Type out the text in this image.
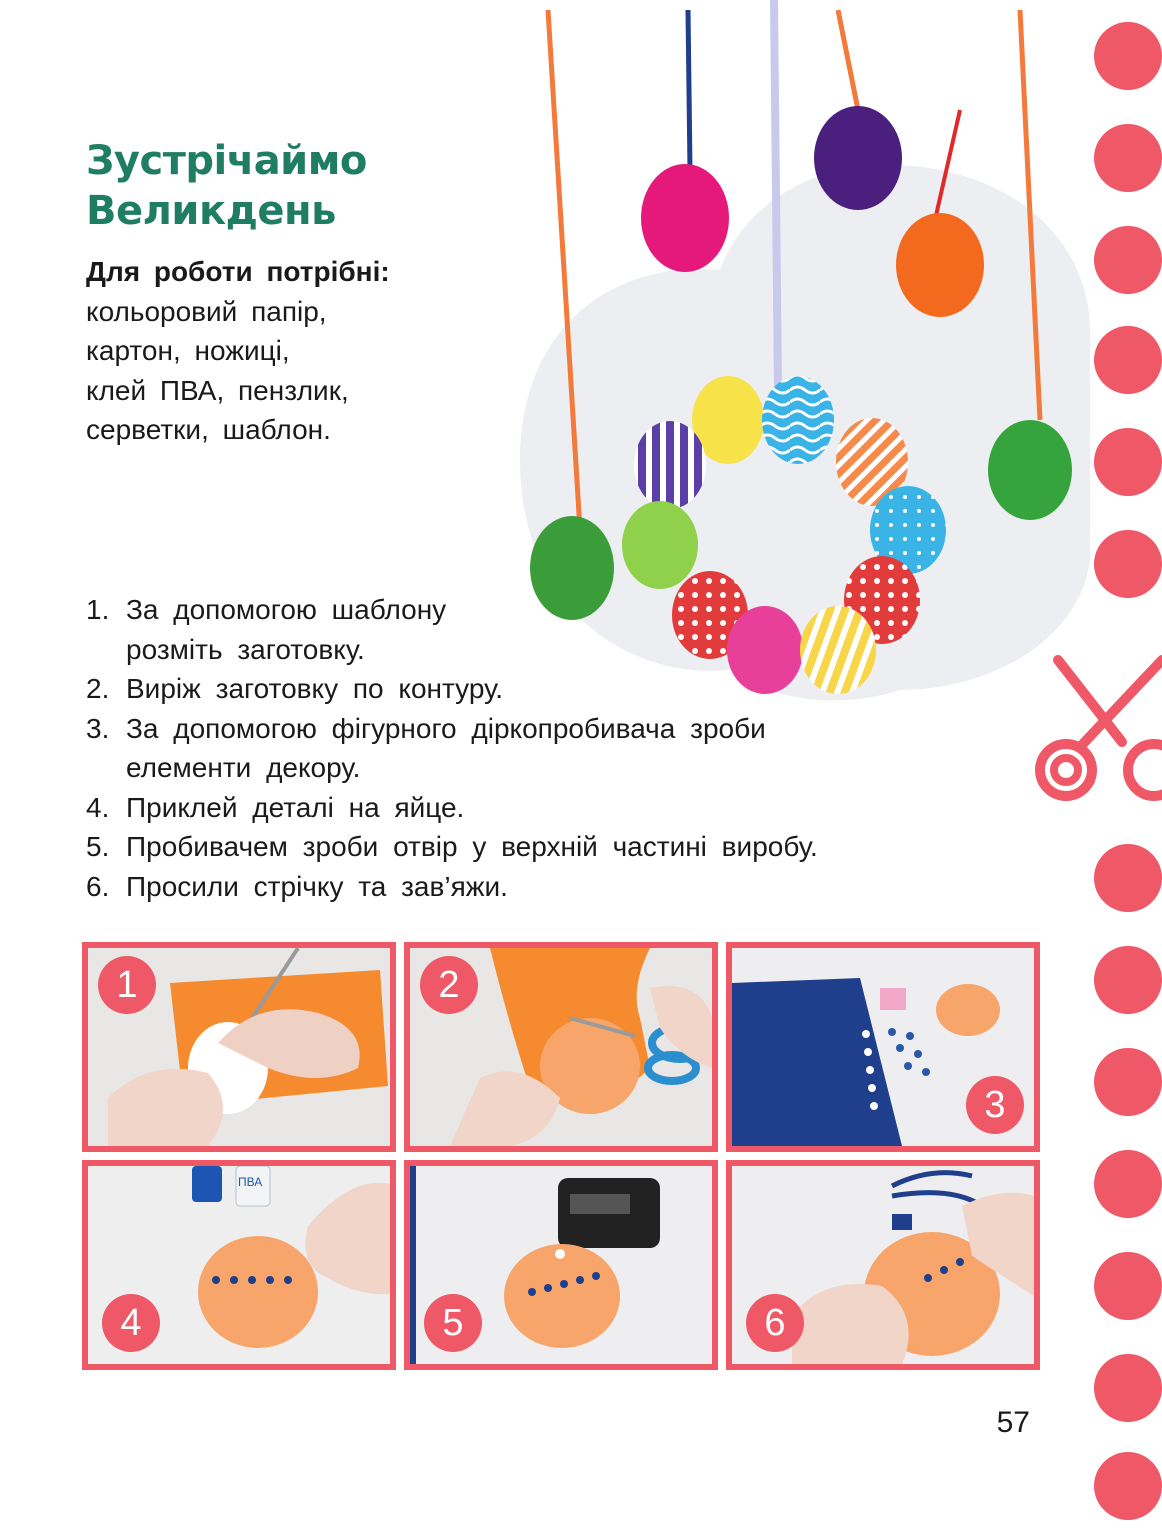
Зустрічаймо Великдень
Для роботи потрібні:
кольоровий папір,
картон, ножиці,
клей ПВА, пензлик,
серветки, шаблон.
1. За допомогою шаблону
розміть заготовку.
2. Виріж заготовку по контуру.
3. За допомогою фігурного діркопробивача зроби
елементи декору.
4. Приклей деталі на яйце.
5. Пробивачем зроби отвір у верхній частині виробу.
6. Просили стрічку та зав’яжи.
1	2
3
ПВА
4	5	6
57
